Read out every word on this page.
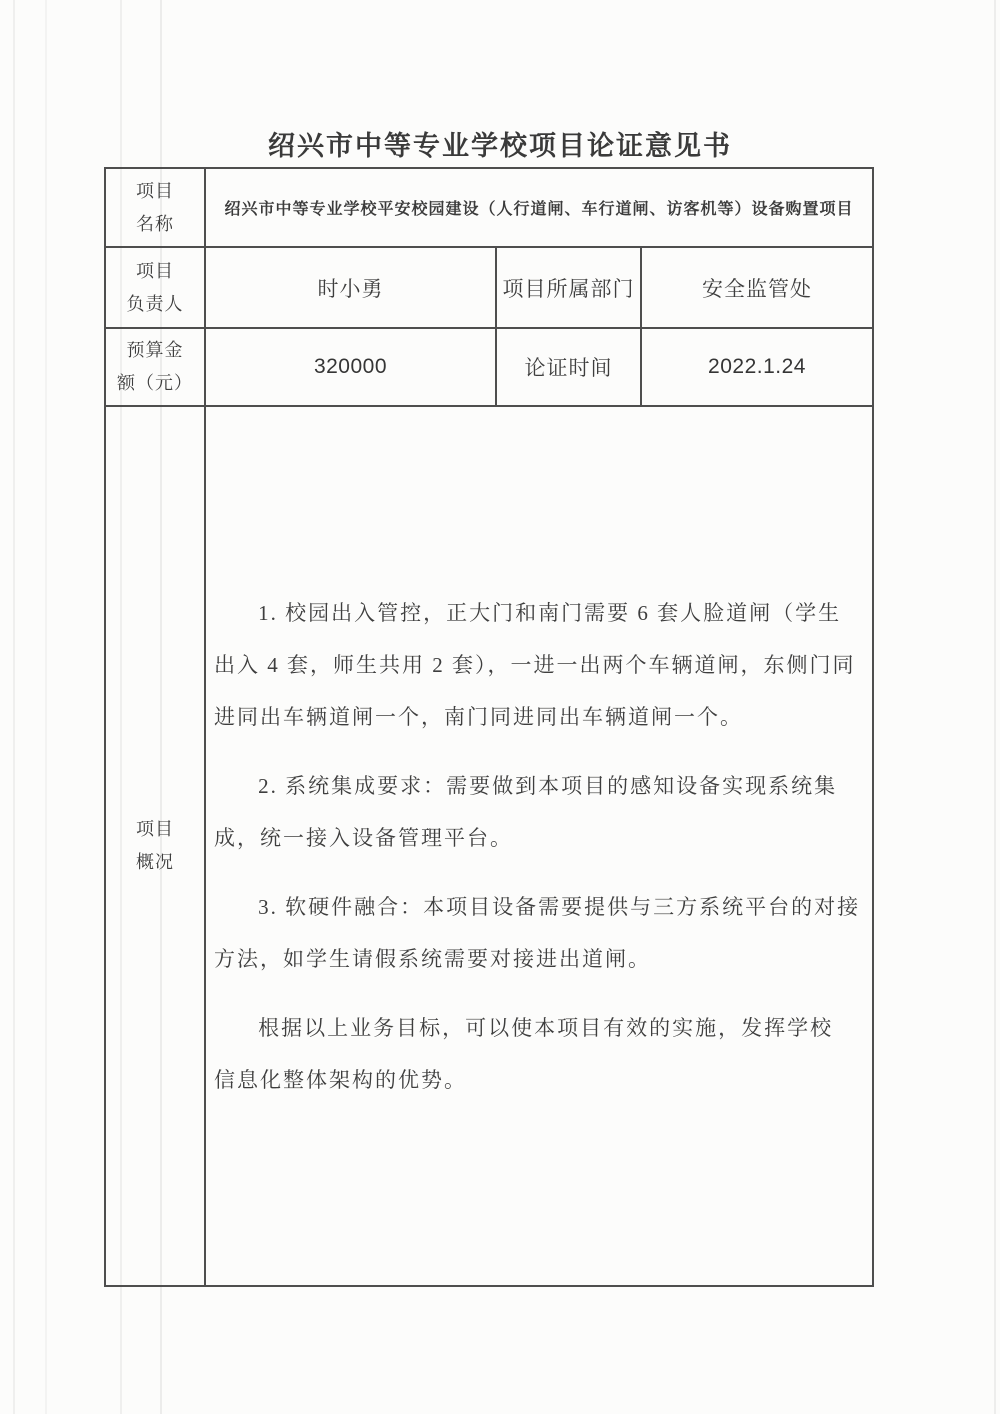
绍兴市中等专业学校项目论证意见书
项目
名称	绍兴市中等专业学校平安校园建设（人行道闸、车行道闸、访客机等）设备购置项目		

项目
负责人	时小勇	项目所属部门	安全监管处

预算金
额（元）	320000	论证时间	2022.1.24

项目
概况

1. 校园出入管控，正大门和南门需要 6 套人脸道闸（学生
出入 4 套，师生共用 2 套），一进一出两个车辆道闸，东侧门同
进同出车辆道闸一个，南门同进同出车辆道闸一个。
2. 系统集成要求：需要做到本项目的感知设备实现系统集
成，统一接入设备管理平台。
3. 软硬件融合：本项目设备需要提供与三方系统平台的对接
方法，如学生请假系统需要对接进出道闸。
根据以上业务目标，可以使本项目有效的实施，发挥学校
信息化整体架构的优势。
